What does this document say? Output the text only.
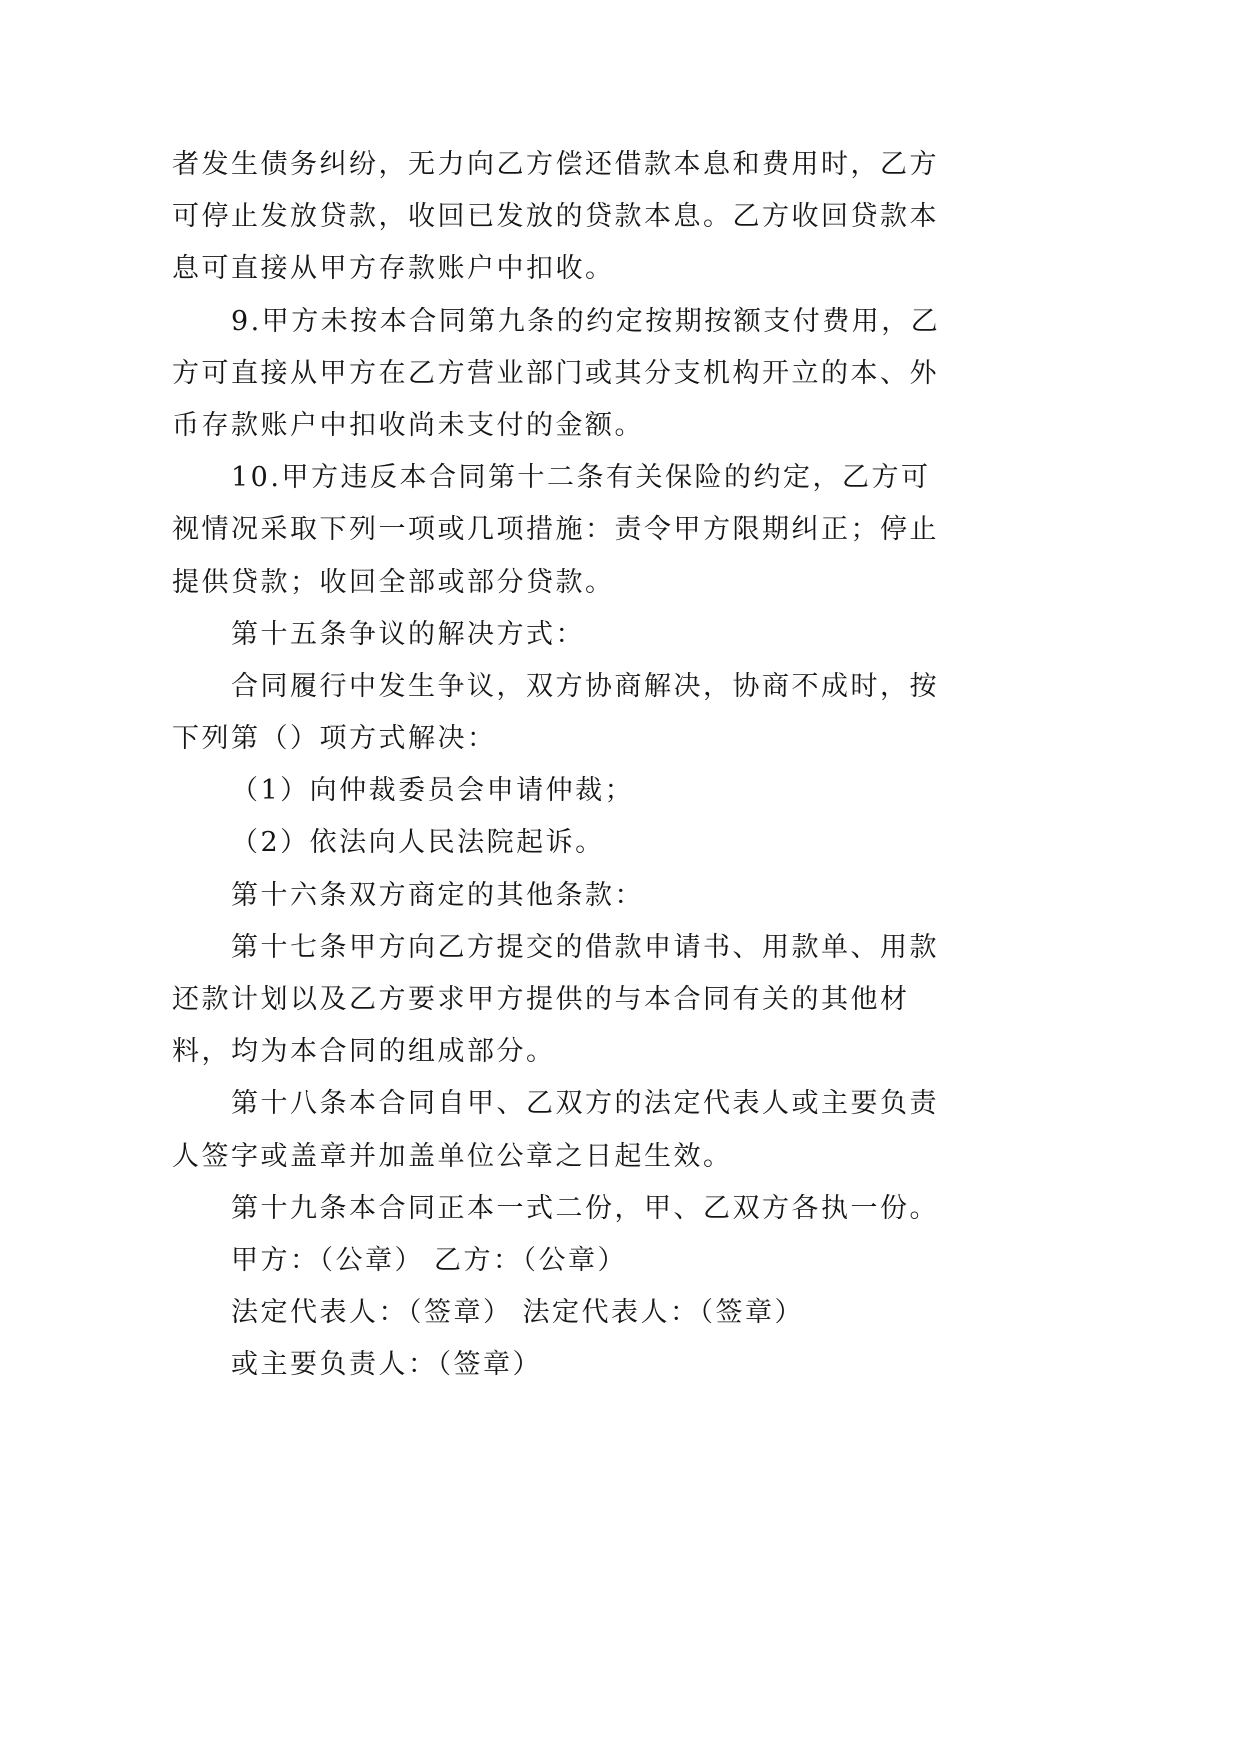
者发生债务纠纷，无力向乙方偿还借款本息和费用时，乙方
可停止发放贷款，收回已发放的贷款本息。乙方收回贷款本
息可直接从甲方存款账户中扣收。
9.甲方未按本合同第九条的约定按期按额支付费用，乙
方可直接从甲方在乙方营业部门或其分支机构开立的本、外
币存款账户中扣收尚未支付的金额。
10.甲方违反本合同第十二条有关保险的约定，乙方可
视情况采取下列一项或几项措施：责令甲方限期纠正；停止
提供贷款；收回全部或部分贷款。
第十五条争议的解决方式：
合同履行中发生争议，双方协商解决，协商不成时，按
下列第（）项方式解决：
（1）向仲裁委员会申请仲裁；
（2）依法向人民法院起诉。
第十六条双方商定的其他条款：
第十七条甲方向乙方提交的借款申请书、用款单、用款
还款计划以及乙方要求甲方提供的与本合同有关的其他材
料，均为本合同的组成部分。
第十八条本合同自甲、乙双方的法定代表人或主要负责
人签字或盖章并加盖单位公章之日起生效。
第十九条本合同正本一式二份，甲、乙双方各执一份。
甲方：（公章） 乙方：（公章）
法定代表人：（签章） 法定代表人：（签章）
或主要负责人：（签章）
